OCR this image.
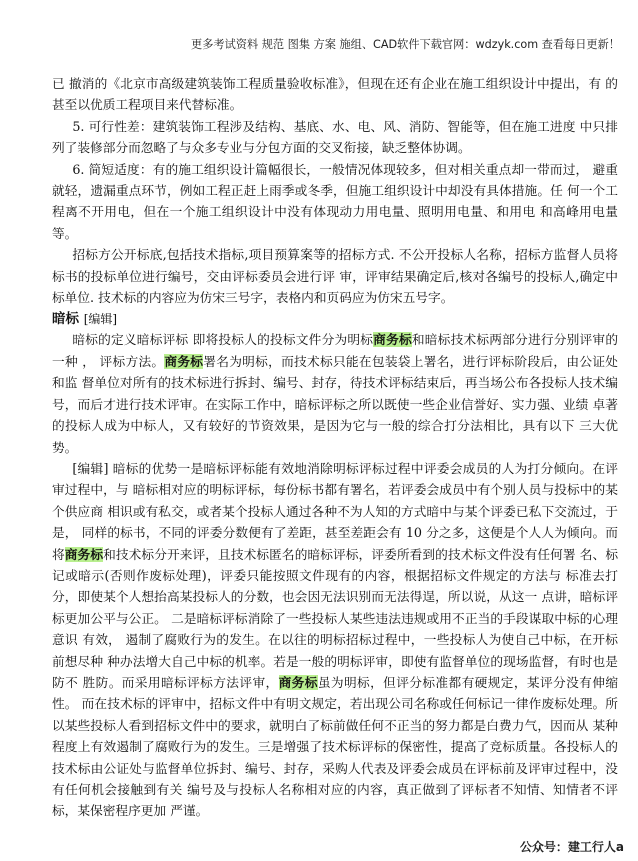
更多考试资料 规范 图集 方案 施组、CAD软件下载官网：wdzyk.com 查看每日更新！

已 撤消的《北京市高级建筑装饰工程质量验收标准》，但现在还有企业在施工组织设计中提出，有 的 甚至以优质工程项目来代替标准。

5. 可行性差：建筑装饰工程涉及结构、基底、水、电、风、消防、智能等，但在施工进度 中只排列了装修部分而忽略了与众多专业与分包方面的交叉衔接，缺乏整体协调。

6. 简短适度：有的施工组织设计篇幅很长，一般情况体现较多，但对相关重点却一带而过， 避重就轻，遗漏重点环节，例如工程正赶上雨季或冬季，但施工组织设计中却没有具体措施。任 何一个工程离不开用电，但在一个施工组织设计中没有体现动力用电量、照明用电量、和用电 和高峰用电量等。

招标方公开标底,包括技术指标,项目预算案等的招标方式. 不公开投标人名称，招标方监督人员将标书的投标单位进行编号，交由评标委员会进行评 审，评审结果确定后,核对各编号的投标人,确定中标单位. 技术标的内容应为仿宋三号字，表格内和页码应为仿宋五号字。

暗标 [编辑]

暗标的定义暗标评标 即将投标人的投标文件分为明标商务标和暗标技术标两部分进行分别评审的一种 ， 评标方法。商务标署名为明标，而技术标只能在包装袋上署名，进行评标阶段后，由公证处和监 督单位对所有的技术标进行拆封、编号、封存，待技术评标结束后，再当场公布各投标人技术编 号，而后才进行技术评审。在实际工作中，暗标评标之所以既使一些企业信誉好、实力强、业绩 卓著的投标人成为中标人，又有较好的节资效果，是因为它与一般的综合打分法相比，具有以下 三大优势。

[编辑] 暗标的优势一是暗标评标能有效地消除明标评标过程中评委会成员的人为打分倾向。在评审过程中，与 暗标相对应的明标评标，每份标书都有署名，若评委会成员中有个别人员与投标中的某个供应商 相识或有私交，或者某个投标人通过各种不为人知的方式暗中与某个评委已私下交流过，于是， 同样的标书，不同的评委分数便有了差距，甚至差距会有 10 分之多，这便是个人人为倾向。而 将商务标和技术标分开来评，且技术标匿名的暗标评标，评委所看到的技术标文件没有任何署 名、标记或暗示(否则作废标处理)，评委只能按照文件现有的内容，根据招标文件规定的方法与 标准去打分，即使某个人想抬高某投标人的分数，也会因无法识别而无法得逞，所以说，从这一 点讲，暗标评标更加公平与公正。 二是暗标评标消除了一些投标人某些违法违规或用不正当的手段谋取中标的心理意识 有效， 遏制了腐败行为的发生。在以往的明标招标过程中，一些投标人为使自己中标，在开标前想尽种 种办法增大自己中标的机率。若是一般的明标评审，即使有监督单位的现场监督，有时也是防不 胜防。而采用暗标评标方法评审，商务标虽为明标，但评分标准都有硬规定，某评分没有伸缩性。 而在技术标的评审中，招标文件中有明文规定，若出现公司名称或任何标记一律作废标处理。所 以某些投标人看到招标文件中的要求，就明白了标前做任何不正当的努力都是白费力气，因而从 某种程度上有效遏制了腐败行为的发生。三是增强了技术标评标的保密性，提高了竞标质量。各投标人的技术标由公证处与监督单位拆封、编号、封存，采购人代表及评委会成员在评标前及评审过程中，没有任何机会接触到有关 编号及与投标人名称相对应的内容，真正做到了评标者不知情、知情者不评标，某保密程序更加 严谨。

公众号：建工行人a
